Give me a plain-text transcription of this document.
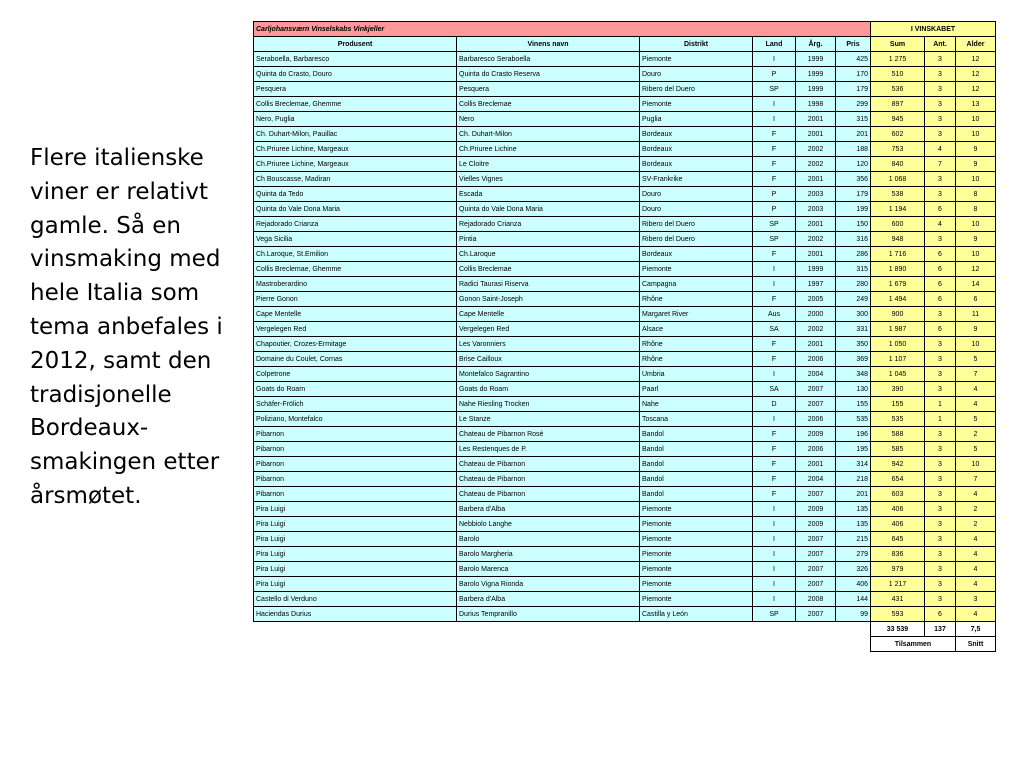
Flere italienske viner er relativt gamle. Så en vinsmaking med hele Italia som tema anbefales i 2012, samt den tradisjonelle Bordeaux-smakingen etter årsmøtet.

Carljohansværn Vinselskabs Vinkjeller						I VINSKABET		
Produsent	Vinens navn	Distrikt	Land	Årg.	Pris	Sum	Ant.	Alder
Seraboella, Barbaresco	Barbaresco Seraboella	Piemonte	I	1999	425	1 275	3	12
Quinta do Crasto, Douro	Quinta do Crasto Reserva	Douro	P	1999	170	510	3	12
Pesquera	Pesquera	Ribero del Duero	SP	1999	179	536	3	12
Collis Breclemae, Ghemme	Collis Breclemae	Piemonte	I	1998	299	897	3	13
Nero, Puglia	Nero	Puglia	I	2001	315	945	3	10
Ch. Duhart-Milon, Pauillac	Ch. Duhart-Milon	Bordeaux	F	2001	201	602	3	10
Ch.Priuree Lichine, Margeaux	Ch.Priuree Lichine	Bordeaux	F	2002	188	753	4	9
Ch.Priuree Lichine, Margeaux	Le Cloitre	Bordeaux	F	2002	120	840	7	9
Ch Bouscasse, Madiran	Vielles Vignes	SV-Frankrike	F	2001	356	1 068	3	10
Quinta da Tedo	Escada	Douro	P	2003	179	538	3	8
Quinta do Vale Dona Maria	Quinta do Vale Dona Maria	Douro	P	2003	199	1 194	6	8
Rejadorado Crianza	Rejadorado Crianza	Ribero del Duero	SP	2001	150	600	4	10
Vega Sicilia	Pintia	Ribero del Duero	SP	2002	316	948	3	9
Ch.Laroque, St.Emilion	Ch.Laroque	Bordeaux	F	2001	286	1 716	6	10
Collis Breclemae, Ghemme	Collis Breclemae	Piemonte	I	1999	315	1 890	6	12
Mastroberardino	Radici Taurasi Riserva	Campagna	I	1997	280	1 679	6	14
Pierre Gonon	Gonon Saint-Joseph	Rhône	F	2005	249	1 494	6	6
Cape Mentelle	Cape Mentelle	Margaret River	Aus	2000	300	900	3	11
Vergelegen Red	Vergelegen Red	Alsace	SA	2002	331	1 987	6	9
Chapoutier, Crozes-Ermitage	Les Varonniers	Rhône	F	2001	350	1 050	3	10
Domaine du Coulet, Cornas	Brise Cailloux	Rhône	F	2006	369	1 107	3	5
Colpetrone	Montefalco Sagrantino	Umbria	I	2004	348	1 045	3	7
Goats do Roam	Goats do Roam	Paarl	SA	2007	130	390	3	4
Schäfer-Frölich	Nahe Riesling Trocken	Nahe	D	2007	155	155	1	4
Poliziano, Montefalco	Le Stanze	Toscana	I	2006	535	535	1	5
Pibarnon	Chateau de Pibarnon Rosé	Bandol	F	2009	196	588	3	2
Pibarnon	Les Restenques de P.	Bandol	F	2006	195	585	3	5
Pibarnon	Chateau de Pibarnon	Bandol	F	2001	314	942	3	10
Pibarnon	Chateau de Pibarnon	Bandol	F	2004	218	654	3	7
Pibarnon	Chateau de Pibarnon	Bandol	F	2007	201	603	3	4
Pira Luigi	Barbera d'Alba	Piemonte	I	2009	135	406	3	2
Pira Luigi	Nebbiolo Langhe	Piemonte	I	2009	135	406	3	2
Pira Luigi	Barolo	Piemonte	I	2007	215	645	3	4
Pira Luigi	Barolo Margheria	Piemonte	I	2007	279	836	3	4
Pira Luigi	Barolo Marenca	Piemonte	I	2007	326	979	3	4
Pira Luigi	Barolo Vigna Rionda	Piemonte	I	2007	406	1 217	3	4
Castello di Verduno	Barbera d'Alba	Piemonte	I	2008	144	431	3	3
Haciendas Durius	Durius Tempranillo	Castilla y León	SP	2007	99	593	6	4
						33 539	137	7,5
						Tilsammen		Snitt
